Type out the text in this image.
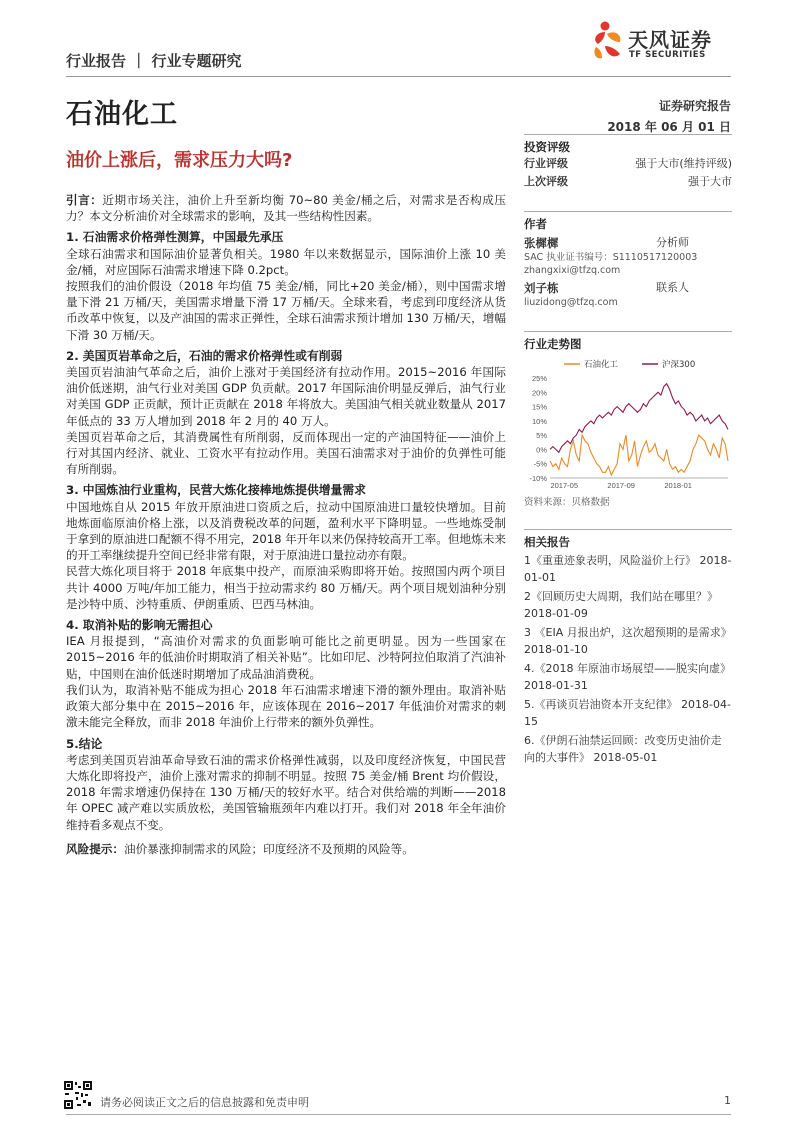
行业报告 ｜ 行业专题研究
石油化工
天风证券
TF SECURITIES
证券研究报告
2018 年 06 月 01 日
油价上涨后，需求压力大吗?

引言：近期市场关注，油价上升至新均衡 70~80 美金/桶之后，对需求是否构成压力？本文分析油价对全球需求的影响，及其一些结构性因素。

1. 石油需求价格弹性测算，中国最先承压

全球石油需求和国际油价显著负相关。1980 年以来数据显示，国际油价上涨 10 美金/桶，对应国际石油需求增速下降 0.2pct。

按照我们的油价假设（2018 年均值 75 美金/桶，同比+20 美金/桶），则中国需求增量下滑 21 万桶/天，美国需求增量下滑 17 万桶/天。全球来看，考虑到印度经济从货币改革中恢复，以及产油国的需求正弹性，全球石油需求预计增加 130 万桶/天，增幅下滑 30 万桶/天。

2. 美国页岩革命之后，石油的需求价格弹性或有削弱

美国页岩油油气革命之后，油价上涨对于美国经济有拉动作用。2015~2016 年国际油价低迷期，油气行业对美国 GDP 负贡献。2017 年国际油价明显反弹后，油气行业对美国 GDP 正贡献，预计正贡献在 2018 年将放大。美国油气相关就业数量从 2017 年低点的 33 万人增加到 2018 年 2 月的 40 万人。

美国页岩革命之后，其消费属性有所削弱，反而体现出一定的产油国特征——油价上行对其国内经济、就业、工资水平有拉动作用。美国石油需求对于油价的负弹性可能有所削弱。

3. 中国炼油行业重构，民营大炼化接棒地炼提供增量需求

中国地炼自从 2015 年放开原油进口资质之后，拉动中国原油进口量较快增加。目前地炼面临原油价格上涨，以及消费税改革的问题，盈利水平下降明显。一些地炼受制于拿到的原油进口配额不得不用完，2018 年开年以来仍保持较高开工率。但地炼未来的开工率继续提升空间已经非常有限，对于原油进口量拉动亦有限。

民营大炼化项目将于 2018 年底集中投产，而原油采购即将开始。按照国内两个项目共计 4000 万吨/年加工能力，相当于拉动需求约 80 万桶/天。两个项目规划油种分别是沙特中质、沙特重质、伊朗重质、巴西马林油。

4. 取消补贴的影响无需担心

IEA 月报提到，“高油价对需求的负面影响可能比之前更明显。因为一些国家在 2015~2016 年的低油价时期取消了相关补贴”。比如印尼、沙特阿拉伯取消了汽油补贴，中国则在油价低迷时期增加了成品油消费税。

我们认为，取消补贴不能成为担心 2018 年石油需求增速下滑的额外理由。取消补贴政策大部分集中在 2015~2016 年，应该体现在 2016~2017 年低油价对需求的刺激未能完全释放，而非 2018 年油价上行带来的额外负弹性。

5.结论

考虑到美国页岩油革命导致石油的需求价格弹性减弱，以及印度经济恢复，中国民营大炼化即将投产，油价上涨对需求的抑制不明显。按照 75 美金/桶 Brent 均价假设，2018 年需求增速仍保持在 130 万桶/天的较好水平。结合对供给端的判断——2018 年 OPEC 减产难以实质放松，美国管输瓶颈年内难以打开。我们对 2018 年全年油价维持看多观点不变。

风险提示：油价暴涨抑制需求的风险；印度经济不及预期的风险等。

投资评级
行业评级	强于大市(维持评级)
上次评级	强于大市
作者
张樨樨	分析师
SAC 执业证书编号：S1110517120003
zhangxixi@tfzq.com
刘子栋	联系人
liuzidong@tfzq.com
行业走势图
25%
20%
15%
10%
5%
0%
-5%
-10%
2017-05	2017-09	2018-01
石油化工	沪深300
资料来源：贝格数据
相关报告
1《重重迹象表明，风险溢价上行》 2018-01-01
2《回顾历史大周期，我们站在哪里？》 2018-01-09
3 《EIA 月报出炉，这次超预期的是需求》 2018-01-10
4.《2018 年原油市场展望——脱实向虚》 2018-01-31
5.《再谈页岩油资本开支纪律》 2018-04-15
6.《伊朗石油禁运回顾：改变历史油价走向的大事件》 2018-05-01
请务必阅读正文之后的信息披露和免责申明	1
